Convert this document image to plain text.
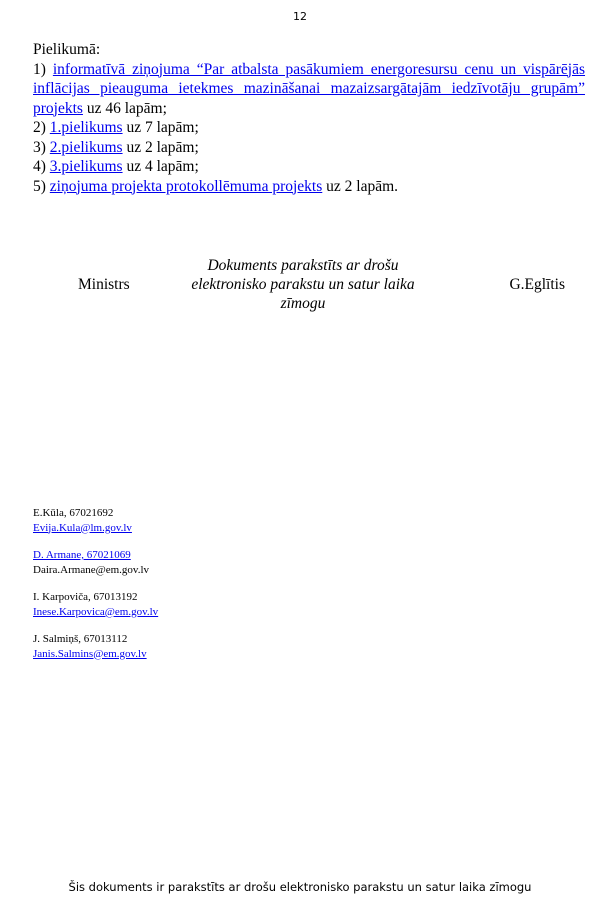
12

Pielikumā:

1) informatīvā ziņojuma “Par atbalsta pasākumiem energoresursu cenu un vispārējās inflācijas pieauguma ietekmes mazināšanai mazaizsargātajām iedzīvotāju grupām” projekts uz 46 lapām;

2) 1.pielikums uz 7 lapām;

3) 2.pielikums uz 2 lapām;

4) 3.pielikums uz 4 lapām;

5) ziņojuma projekta protokollēmuma projekts uz 2 lapām.

Ministrs
Dokuments parakstīts ar drošu elektronisko parakstu un satur laika zīmogu
G.Eglītis
E.Kūla, 67021692
Evija.Kula@lm.gov.lv
D. Armane, 67021069
Daira.Armane@em.gov.lv
I. Karpoviča, 67013192
Inese.Karpovica@em.gov.lv
J. Salmiņš, 67013112
Janis.Salmins@em.gov.lv
Šis dokuments ir parakstīts ar drošu elektronisko parakstu un satur laika zīmogu
